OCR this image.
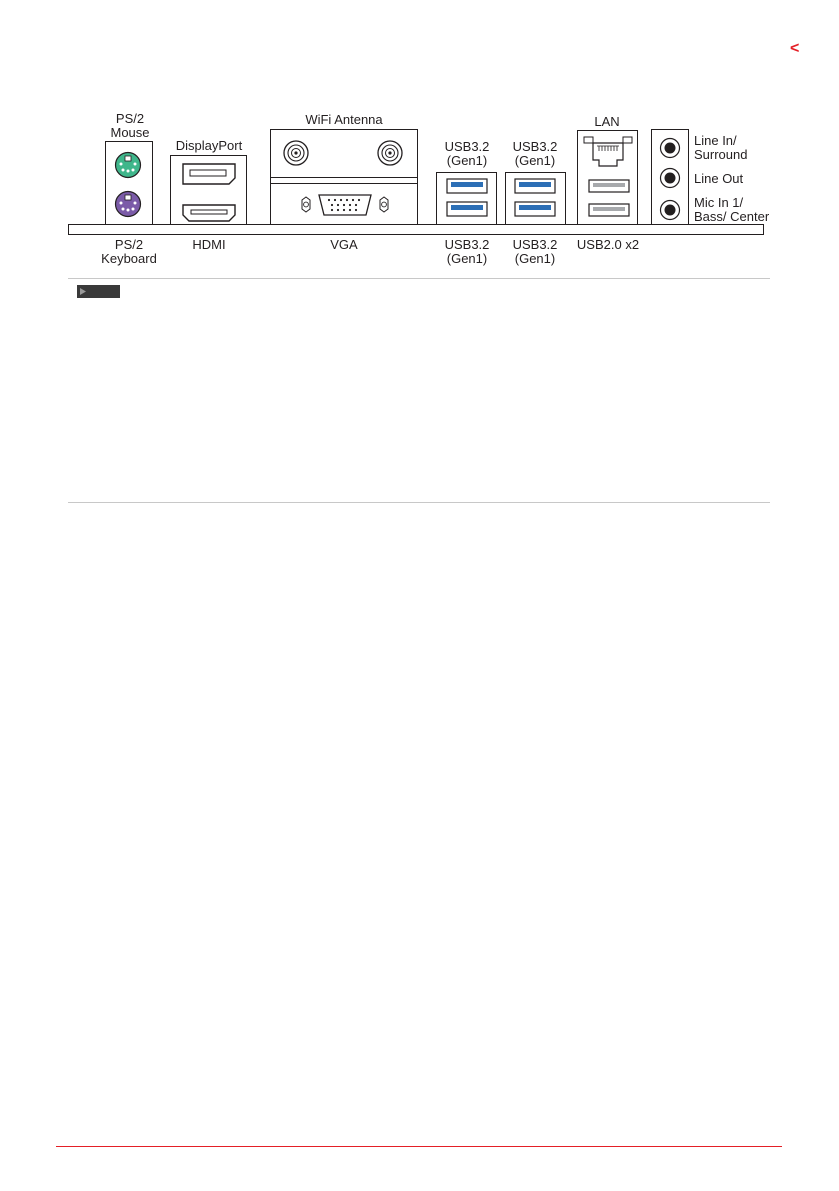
<
PS/2
Mouse
DisplayPort
WiFi Antenna
USB3.2
(Gen1)
USB3.2
(Gen1)
LAN
Line In/
Surround
Line Out
Mic In 1/
Bass/ Center
PS/2
Keyboard
HDMI	VGA	USB3.2
(Gen1)
USB3.2
(Gen1)
USB2.0 x2
